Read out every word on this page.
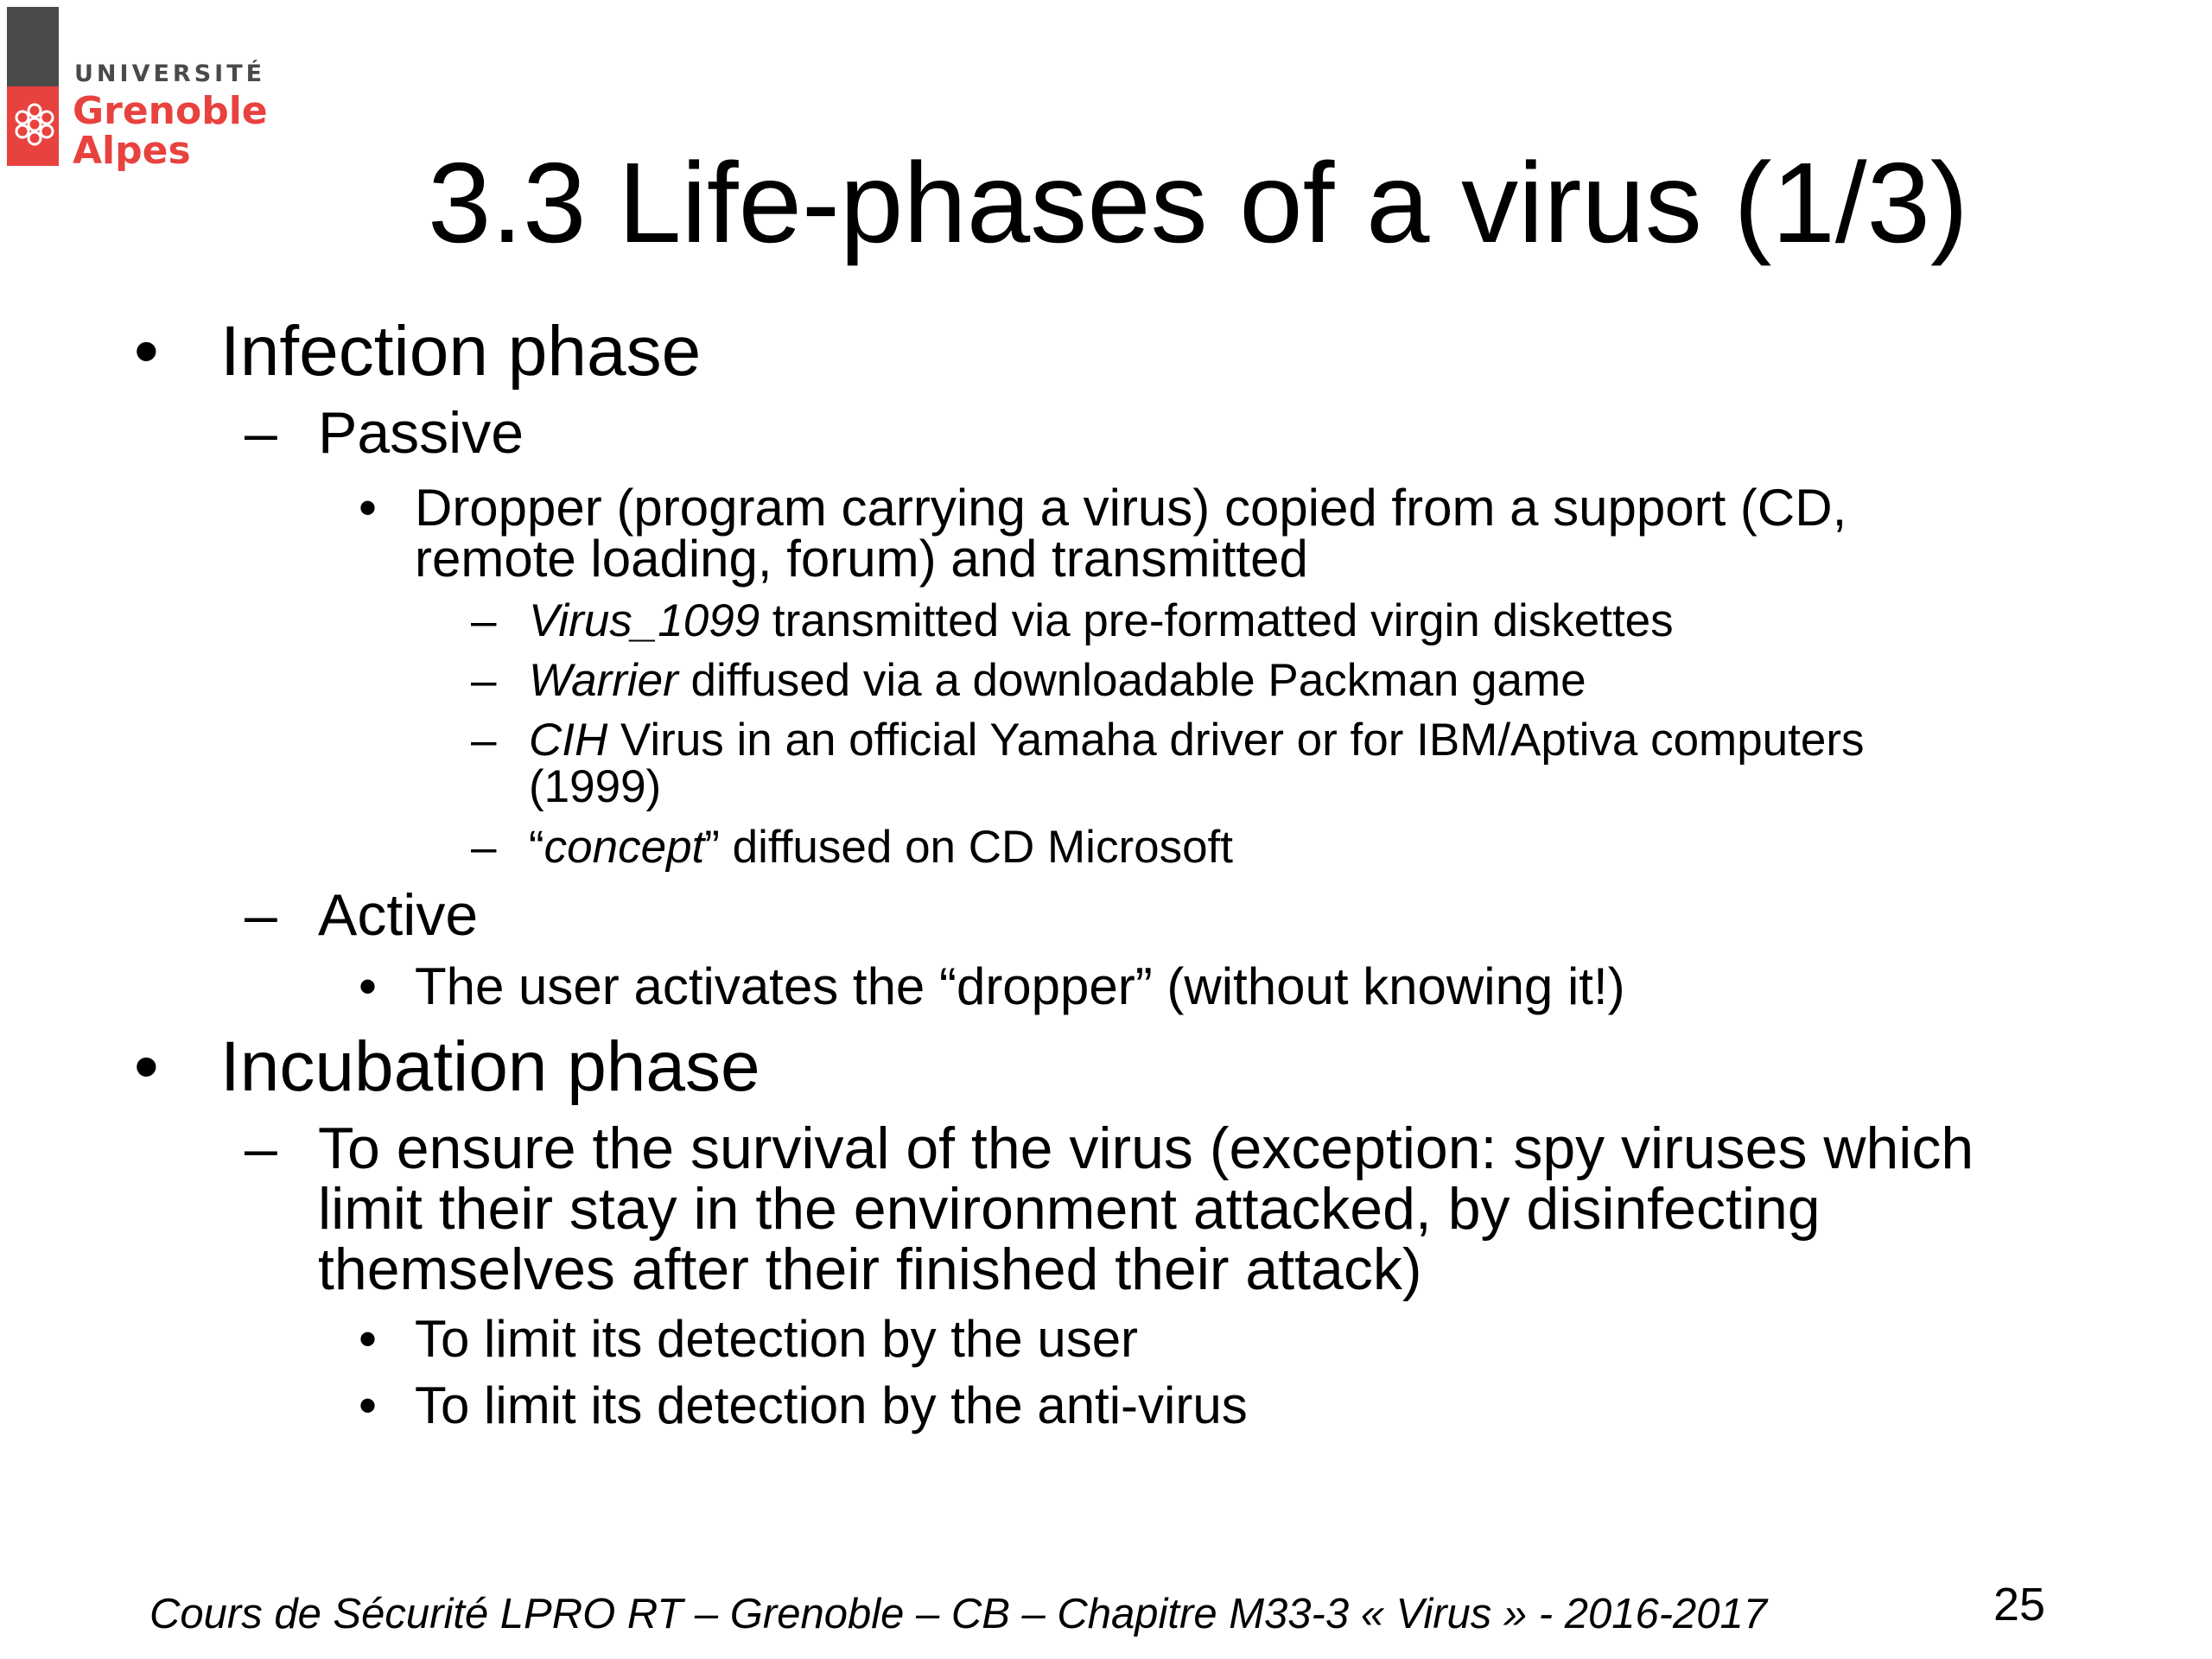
UNIVERSITÉ
Grenoble
Alpes 3.3 Life-phases of a virus (1/3)
• Infection phase
– Passive
• Dropper (program carrying a virus) copied from a support (CD,
remote loading, forum) and transmitted
– Virus_1099 transmitted via pre-formatted virgin diskettes
– Warrier diffused via a downloadable Packman game
– CIH Virus in an official Yamaha driver or for IBM/Aptiva computers
(1999)
– “concept” diffused on CD Microsoft
– Active
• The user activates the “dropper” (without knowing it!)
• Incubation phase
– To ensure the survival of the virus (exception: spy viruses which
limit their stay in the environment attacked, by disinfecting
themselves after their finished their attack)
• To limit its detection by the user
• To limit its detection by the anti-virus
Cours de Sécurité LPRO RT – Grenoble – CB – Chapitre M33-3 « Virus » - 2016-2017	25
